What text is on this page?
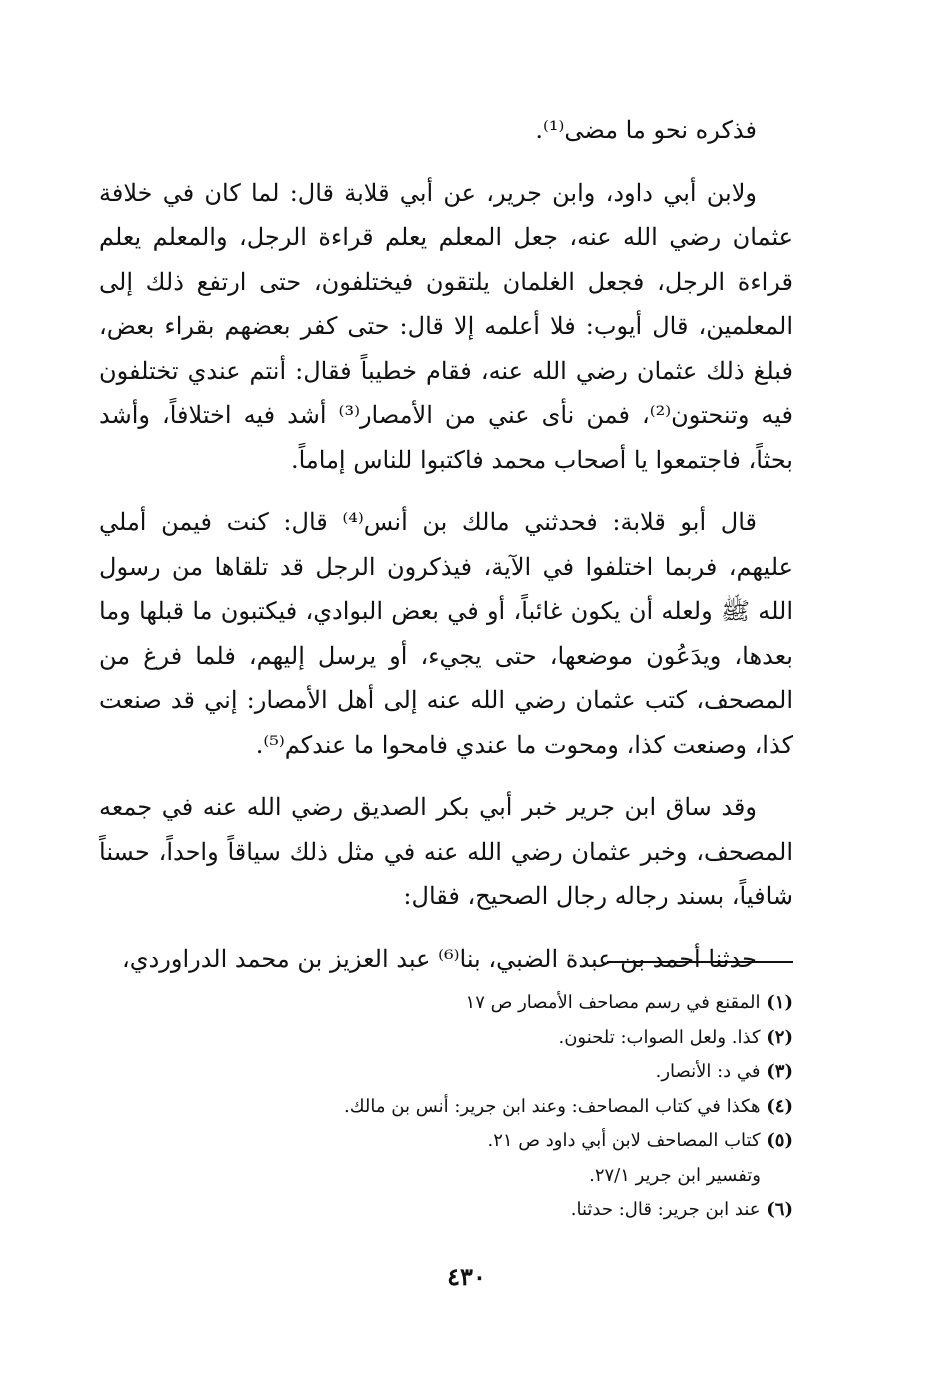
فذكره نحو ما مضى⁽¹⁾.

ولابن أبي داود، وابن جرير، عن أبي قلابة قال: لما كان في خلافة عثمان رضي الله عنه، جعل المعلم يعلم قراءة الرجل، والمعلم يعلم قراءة الرجل، فجعل الغلمان يلتقون فيختلفون، حتى ارتفع ذلك إلى المعلمين، قال أيوب: فلا أعلمه إلا قال: حتى كفر بعضهم بقراء بعض، فبلغ ذلك عثمان رضي الله عنه، فقام خطيباً فقال: أنتم عندي تختلفون فيه وتنحتون⁽²⁾، فمن نأى عني من الأمصار⁽³⁾ أشد فيه اختلافاً، وأشد بحثاً، فاجتمعوا يا أصحاب محمد فاكتبوا للناس إماماً.

قال أبو قلابة: فحدثني مالك بن أنس⁽⁴⁾ قال: كنت فيمن أملي عليهم، فربما اختلفوا في الآية، فيذكرون الرجل قد تلقاها من رسول الله ﷺ ولعله أن يكون غائباً، أو في بعض البوادي، فيكتبون ما قبلها وما بعدها، ويدَعُون موضعها، حتى يجيء، أو يرسل إليهم، فلما فرغ من المصحف، كتب عثمان رضي الله عنه إلى أهل الأمصار: إني قد صنعت كذا، وصنعت كذا، ومحوت ما عندي فامحوا ما عندكم⁽⁵⁾.

وقد ساق ابن جرير خبر أبي بكر الصديق رضي الله عنه في جمعه المصحف، وخبر عثمان رضي الله عنه في مثل ذلك سياقاً واحداً، حسناً شافياً، بسند رجاله رجال الصحيح، فقال:

حدثنا أحمد بن عبدة الضبي، بنا⁽⁶⁾ عبد العزيز بن محمد الدراوردي،

(١) المقنع في رسم مصاحف الأمصار ص ١٧

(٢) كذا. ولعل الصواب: تلحنون.

(٣) في د: الأنصار.

(٤) هكذا في كتاب المصاحف: وعند ابن جرير: أنس بن مالك.

(٥) كتاب المصاحف لابن أبي داود ص ٢١.

وتفسير ابن جرير ٢٧/١.

(٦) عند ابن جرير: قال: حدثنا.

٤٣٠
